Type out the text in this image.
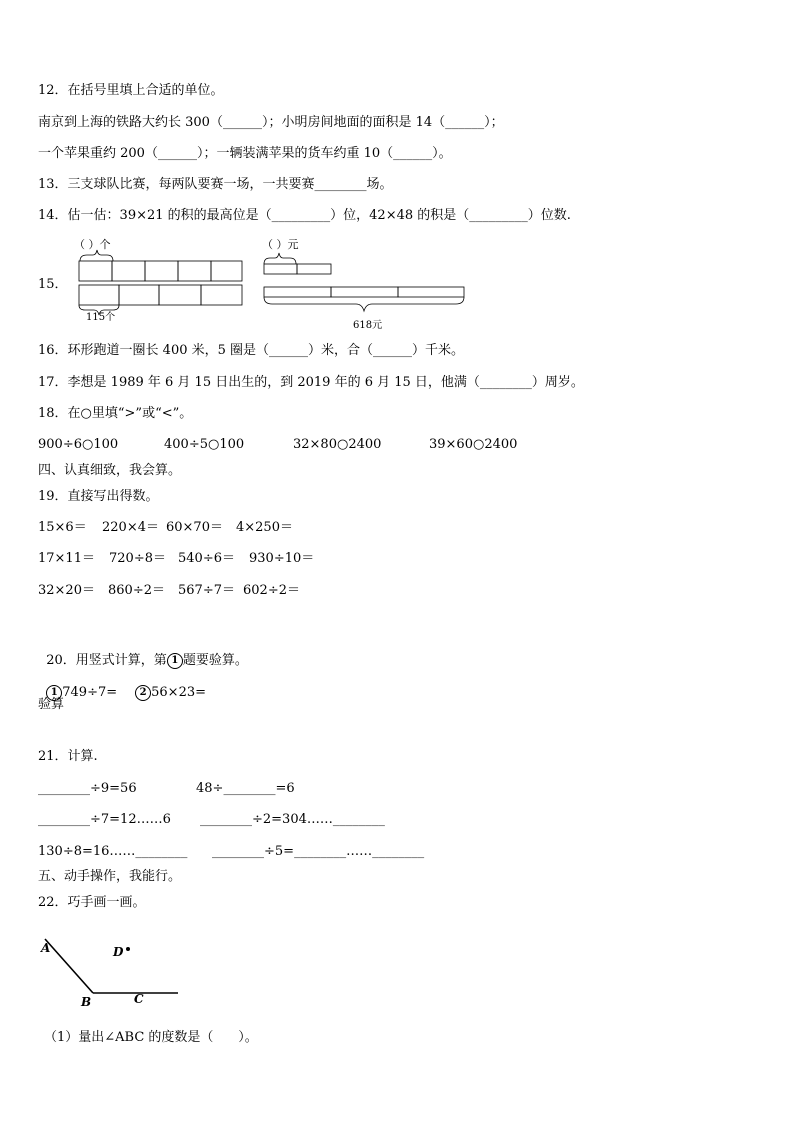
12．在括号里填上合适的单位。
南京到上海的铁路大约长 300（______）；小明房间地面的面积是 14（______）；
一个苹果重约 200（______）；一辆装满苹果的货车约重 10（______）。
13．三支球队比赛，每两队要赛一场，一共要赛________场。
14．估一估：39×21 的积的最高位是（_________）位，42×48 的积是（_________）位数.
15．
（ ）个
115个
（ ）元
618元
16．环形跑道一圈长 400 米，5 圈是（______）米，合（______）千米。
17．李想是 1989 年 6 月 15 日出生的，到 2019 年的 6 月 15 日，他满（________）周岁。
18．在○里填“>”或“<”。
900÷6○100	400÷5○100	32×80○2400	39×60○2400
四、认真细致，我会算。
19．直接写出得数。
15×6＝ 220×4＝ 60×70＝ 4×250＝
17×11＝ 720÷8＝ 540÷6＝ 930÷10＝
32×20＝ 860÷2＝ 567÷7＝ 602÷2＝

20．用竖式计算，第 1 题要验算。

1 749÷7= 2 56×23=

验算
21．计算.
________÷9=56	48÷________=6
________÷7=12……6 ________÷2=304……________
130÷8=16……________ ________÷5=________……________
五、动手操作，我能行。
22．巧手画一画。
A
B	C
D
（1）量出∠ABC 的度数是（      ）。
